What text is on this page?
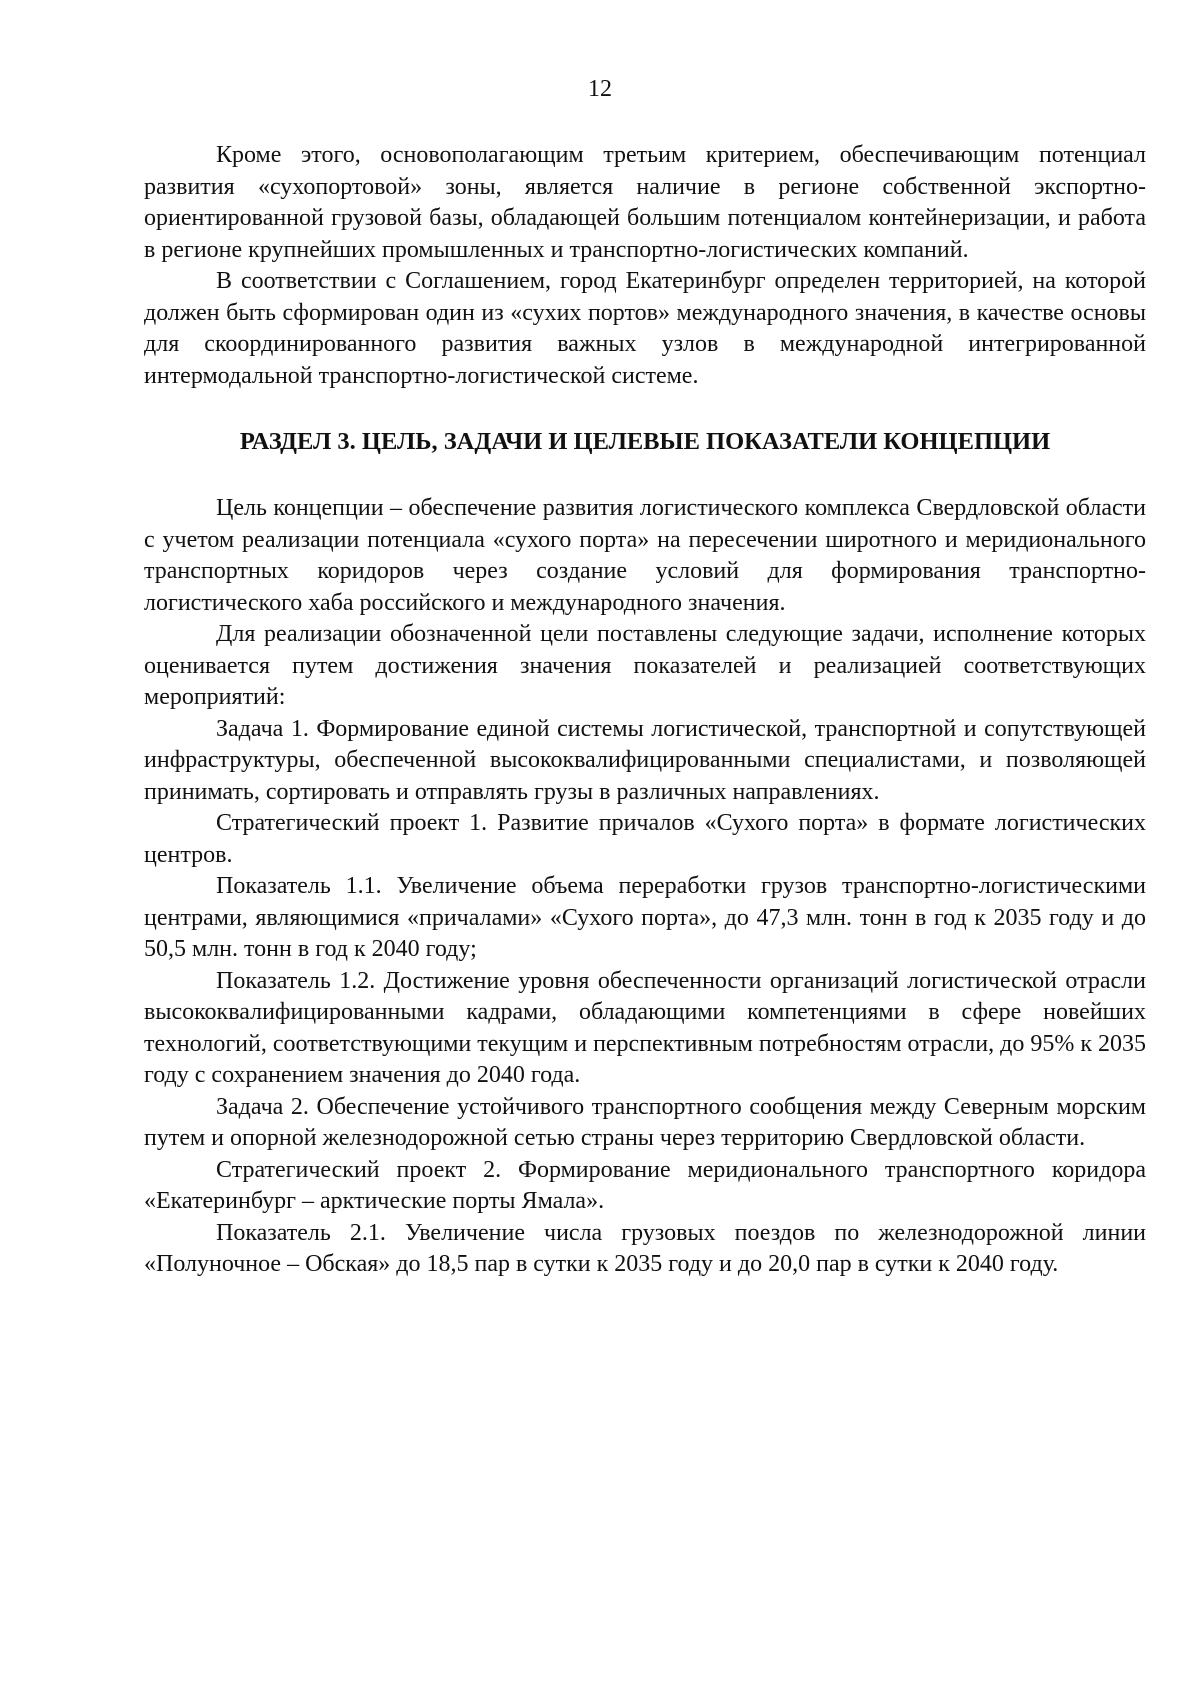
12

Кроме этого, основополагающим третьим критерием, обеспечивающим потенциал развития «сухопортовой» зоны, является наличие в регионе собственной экспортно-ориентированной грузовой базы, обладающей большим потенциалом контейнеризации, и работа в регионе крупнейших промышленных и транспортно-логистических компаний.

В соответствии с Соглашением, город Екатеринбург определен территорией, на которой должен быть сформирован один из «сухих портов» международного значения, в качестве основы для скоординированного развития важных узлов в международной интегрированной интермодальной транспортно-логистической системе.

РАЗДЕЛ 3. ЦЕЛЬ, ЗАДАЧИ И ЦЕЛЕВЫЕ ПОКАЗАТЕЛИ КОНЦЕПЦИИ

Цель концепции – обеспечение развития логистического комплекса Свердловской области с учетом реализации потенциала «сухого порта» на пересечении широтного и меридионального транспортных коридоров через создание условий для формирования транспортно-логистического хаба российского и международного значения.

Для реализации обозначенной цели поставлены следующие задачи, исполнение которых оценивается путем достижения значения показателей и реализацией соответствующих мероприятий:

Задача 1. Формирование единой системы логистической, транспортной и сопутствующей инфраструктуры, обеспеченной высококвалифицированными специалистами, и позволяющей принимать, сортировать и отправлять грузы в различных направлениях.

Стратегический проект 1. Развитие причалов «Сухого порта» в формате логистических центров.

Показатель 1.1. Увеличение объема переработки грузов транспортно-логистическими центрами, являющимися «причалами» «Сухого порта», до 47,3 млн. тонн в год к 2035 году и до 50,5 млн. тонн в год к 2040 году;

Показатель 1.2. Достижение уровня обеспеченности организаций логистической отрасли высококвалифицированными кадрами, обладающими компетенциями в сфере новейших технологий, соответствующими текущим и перспективным потребностям отрасли, до 95% к 2035 году с сохранением значения до 2040 года.

Задача 2. Обеспечение устойчивого транспортного сообщения между Северным морским путем и опорной железнодорожной сетью страны через территорию Свердловской области.

Стратегический проект 2. Формирование меридионального транспортного коридора «Екатеринбург – арктические порты Ямала».

Показатель 2.1. Увеличение числа грузовых поездов по железнодорожной линии «Полуночное – Обская» до 18,5 пар в сутки к 2035 году и до 20,0 пар в сутки к 2040 году.
